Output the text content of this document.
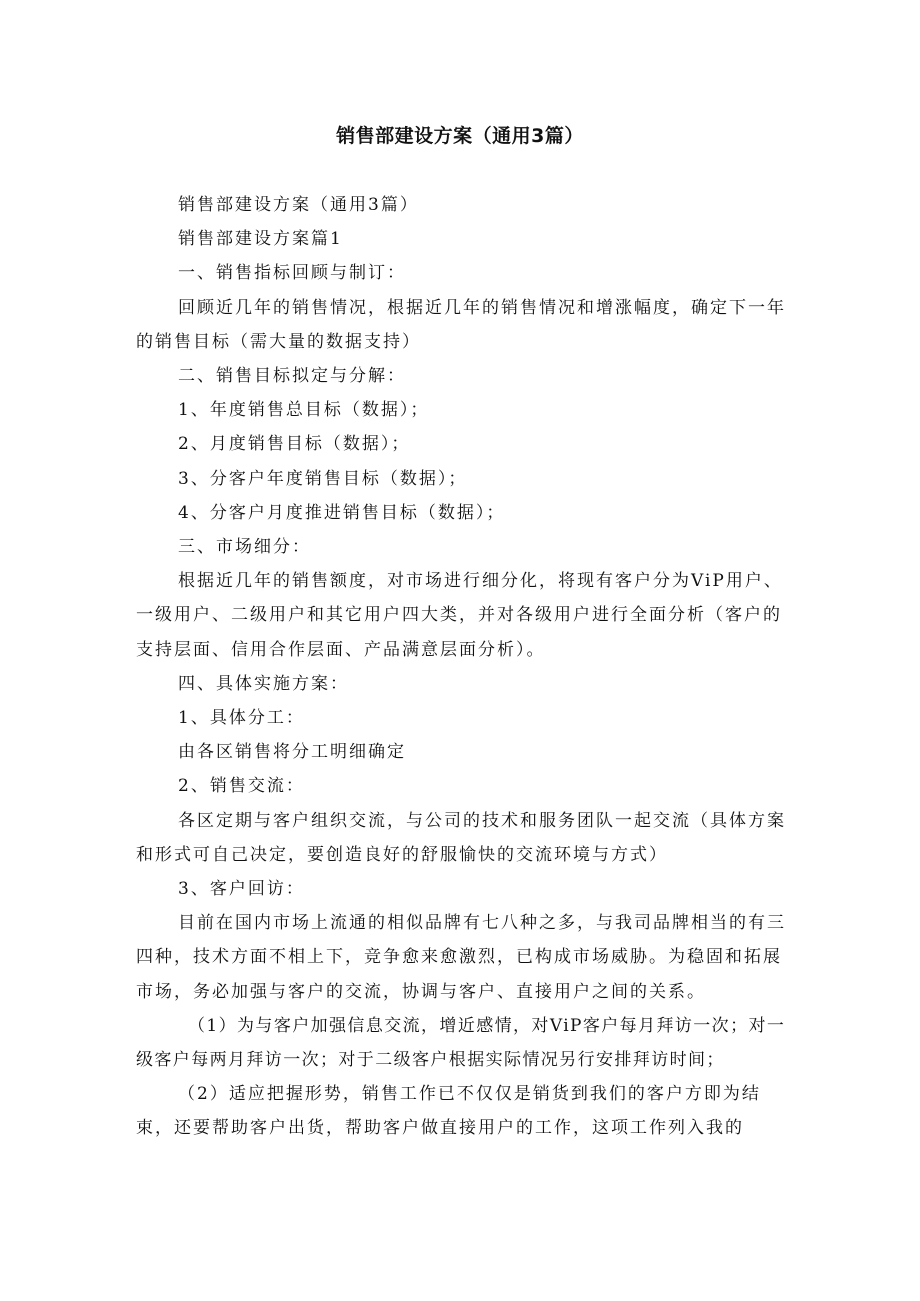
销售部建设方案（通用3篇）

销售部建设方案（通用3篇）

销售部建设方案篇1

一、销售指标回顾与制订：

回顾近几年的销售情况，根据近几年的销售情况和增涨幅度，确定下一年的销售目标（需大量的数据支持）

二、销售目标拟定与分解：

1、年度销售总目标（数据）；

2、月度销售目标（数据）；

3、分客户年度销售目标（数据）；

4、分客户月度推进销售目标（数据）；

三、市场细分：

根据近几年的销售额度，对市场进行细分化，将现有客户分为ViP用户、一级用户、二级用户和其它用户四大类，并对各级用户进行全面分析（客户的支持层面、信用合作层面、产品满意层面分析）。

四、具体实施方案：

1、具体分工：

由各区销售将分工明细确定

2、销售交流：

各区定期与客户组织交流，与公司的技术和服务团队一起交流（具体方案和形式可自己决定，要创造良好的舒服愉快的交流环境与方式）

3、客户回访：

目前在国内市场上流通的相似品牌有七八种之多，与我司品牌相当的有三四种，技术方面不相上下，竞争愈来愈激烈，已构成市场威胁。为稳固和拓展市场，务必加强与客户的交流，协调与客户、直接用户之间的关系。

（1）为与客户加强信息交流，增近感情，对ViP客户每月拜访一次；对一级客户每两月拜访一次；对于二级客户根据实际情况另行安排拜访时间；

（2）适应把握形势，销售工作已不仅仅是销货到我们的客户方即为结束，还要帮助客户出货，帮助客户做直接用户的工作，这项工作列入我的
